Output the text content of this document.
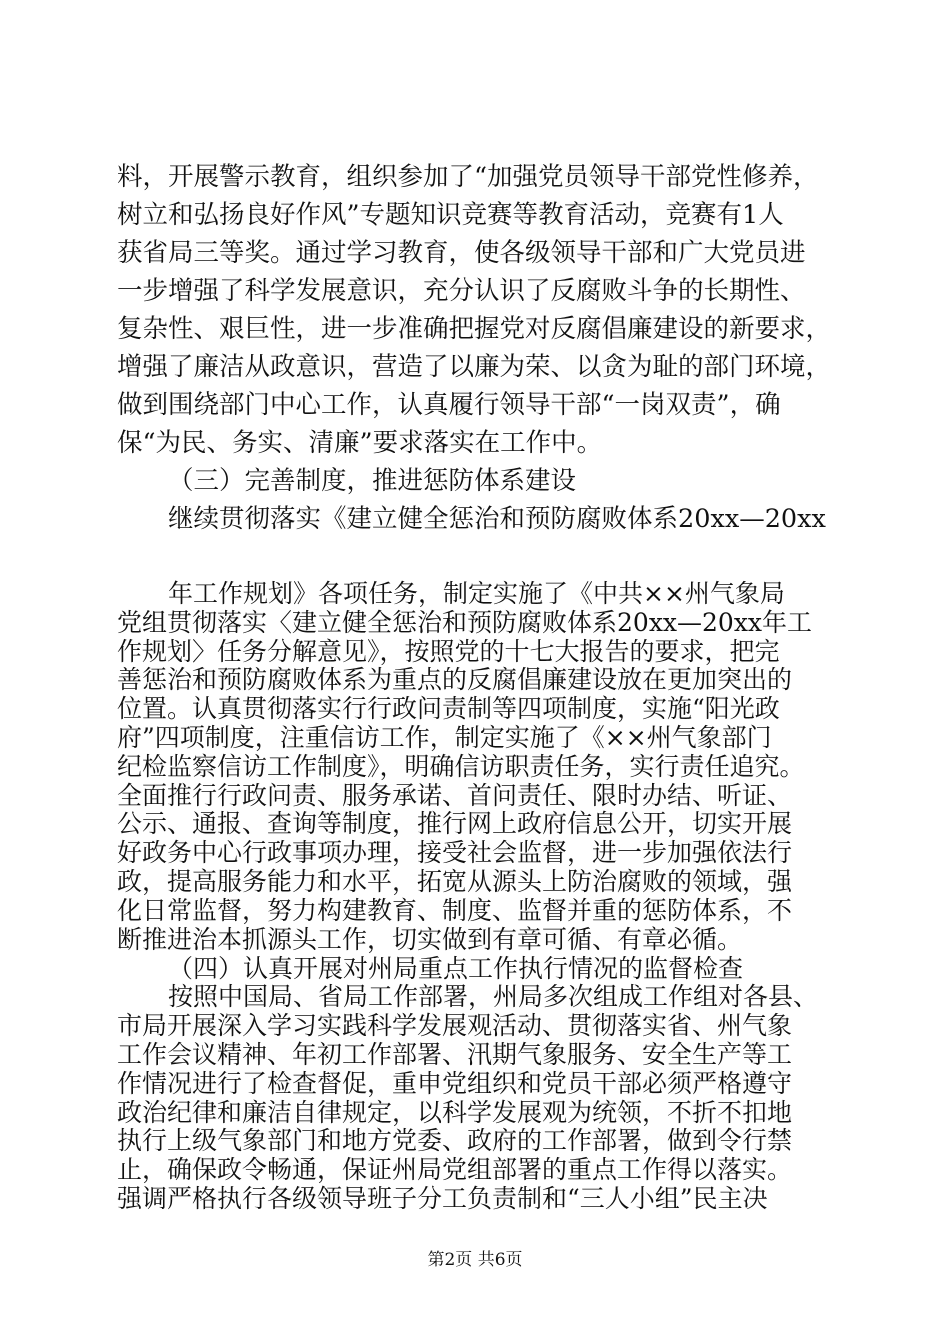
料，开展警示教育，组织参加了“加强党员领导干部党性修养，
树立和弘扬良好作风”专题知识竞赛等教育活动，竞赛有1人
获省局三等奖。通过学习教育，使各级领导干部和广大党员进
一步增强了科学发展意识，充分认识了反腐败斗争的长期性、
复杂性、艰巨性，进一步准确把握党对反腐倡廉建设的新要求，
增强了廉洁从政意识，营造了以廉为荣、以贪为耻的部门环境，
做到围绕部门中心工作，认真履行领导干部“一岗双责”，确
保“为民、务实、清廉”要求落实在工作中。
（三）完善制度，推进惩防体系建设
继续贯彻落实《建立健全惩治和预防腐败体系20xx—20xx
年工作规划》各项任务，制定实施了《中共××州气象局
党组贯彻落实〈建立健全惩治和预防腐败体系20xx—20xx年工
作规划〉任务分解意见》，按照党的十七大报告的要求，把完
善惩治和预防腐败体系为重点的反腐倡廉建设放在更加突出的
位置。认真贯彻落实行行政问责制等四项制度，实施“阳光政
府”四项制度，注重信访工作，制定实施了《××州气象部门
纪检监察信访工作制度》，明确信访职责任务，实行责任追究。
全面推行行政问责、服务承诺、首问责任、限时办结、听证、
公示、通报、查询等制度，推行网上政府信息公开，切实开展
好政务中心行政事项办理，接受社会监督，进一步加强依法行
政，提高服务能力和水平，拓宽从源头上防治腐败的领域，强
化日常监督，努力构建教育、制度、监督并重的惩防体系，不
断推进治本抓源头工作，切实做到有章可循、有章必循。
（四）认真开展对州局重点工作执行情况的监督检查
按照中国局、省局工作部署，州局多次组成工作组对各县、
市局开展深入学习实践科学发展观活动、贯彻落实省、州气象
工作会议精神、年初工作部署、汛期气象服务、安全生产等工
作情况进行了检查督促，重申党组织和党员干部必须严格遵守
政治纪律和廉洁自律规定，以科学发展观为统领，不折不扣地
执行上级气象部门和地方党委、政府的工作部署，做到令行禁
止，确保政令畅通，保证州局党组部署的重点工作得以落实。
强调严格执行各级领导班子分工负责制和“三人小组”民主决
第2页 共6页
